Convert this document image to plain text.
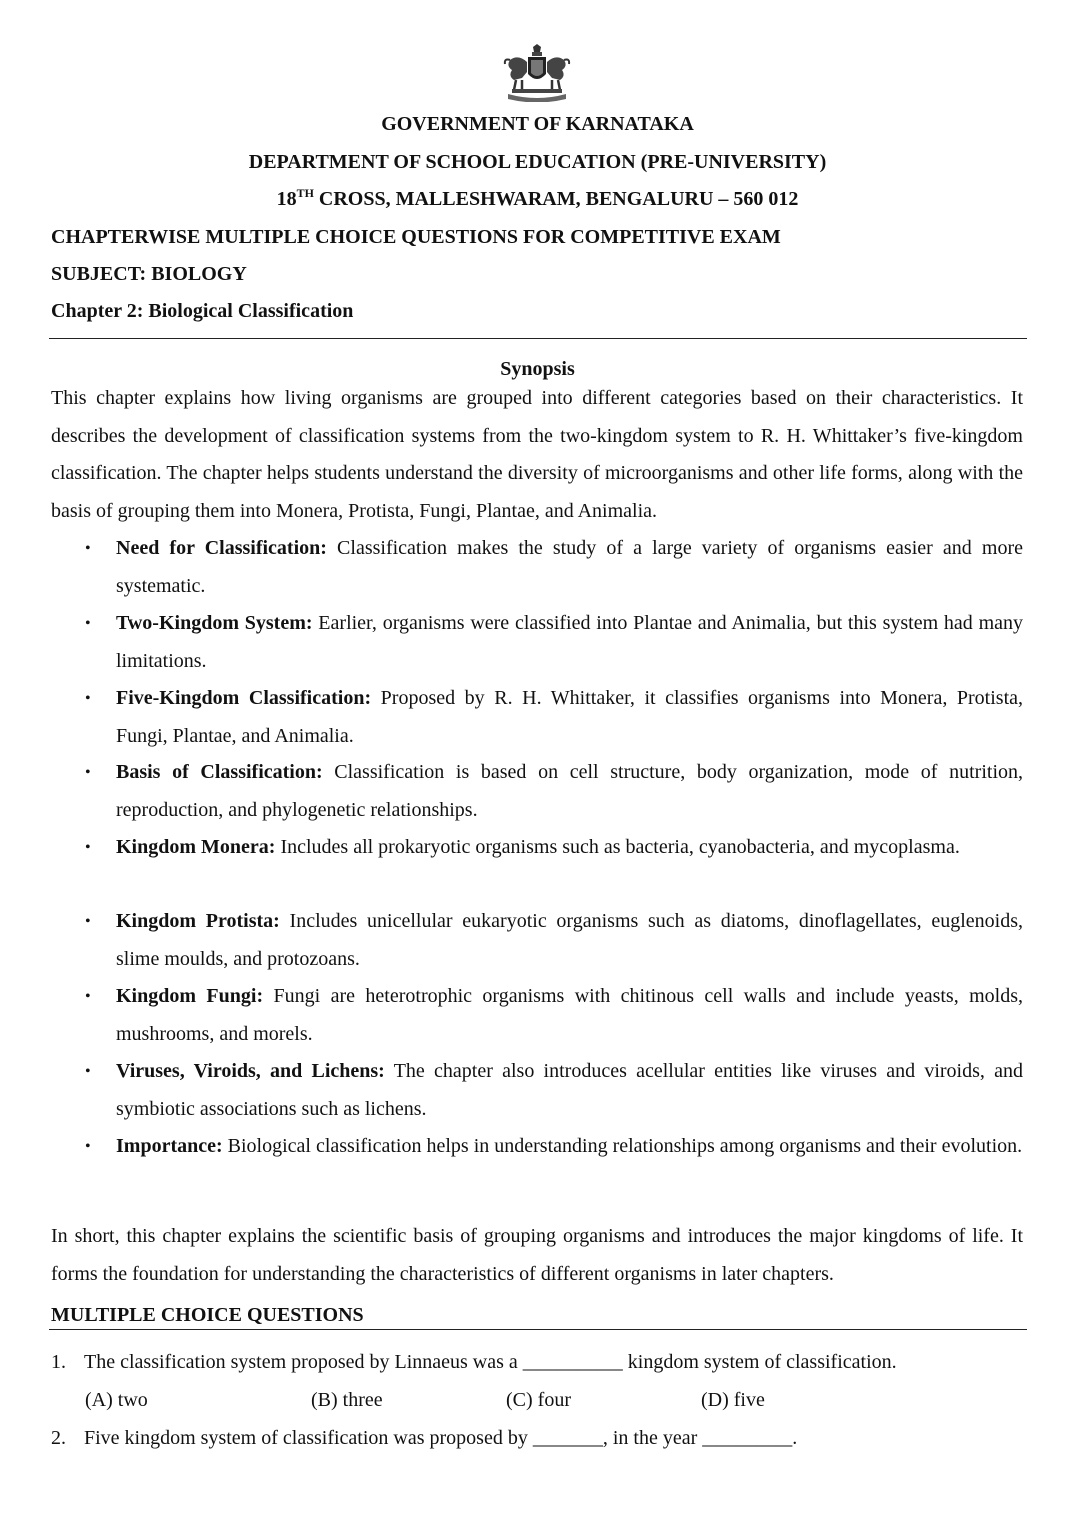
GOVERNMENT OF KARNATAKA
DEPARTMENT OF SCHOOL EDUCATION (PRE-UNIVERSITY)
18TH CROSS, MALLESHWARAM, BENGALURU – 560 012
CHAPTERWISE MULTIPLE CHOICE QUESTIONS FOR COMPETITIVE EXAM
SUBJECT: BIOLOGY
Chapter 2: Biological Classification
Synopsis

This chapter explains how living organisms are grouped into different categories based on their characteristics. It describes the development of classification systems from the two-kingdom system to R. H. Whittaker’s five-kingdom classification. The chapter helps students understand the diversity of microorganisms and other life forms, along with the basis of grouping them into Monera, Protista, Fungi, Plantae, and Animalia.

• Need for Classification: Classification makes the study of a large variety of organisms easier and more systematic.
• Two-Kingdom System: Earlier, organisms were classified into Plantae and Animalia, but this system had many limitations.
• Five-Kingdom Classification: Proposed by R. H. Whittaker, it classifies organisms into Monera, Protista, Fungi, Plantae, and Animalia.
• Basis of Classification: Classification is based on cell structure, body organization, mode of nutrition, reproduction, and phylogenetic relationships.
• Kingdom Monera: Includes all prokaryotic organisms such as bacteria, cyanobacteria, and mycoplasma.
• Kingdom Protista: Includes unicellular eukaryotic organisms such as diatoms, dinoflagellates, euglenoids, slime moulds, and protozoans.
• Kingdom Fungi: Fungi are heterotrophic organisms with chitinous cell walls and include yeasts, molds, mushrooms, and morels.
• Viruses, Viroids, and Lichens: The chapter also introduces acellular entities like viruses and viroids, and symbiotic associations such as lichens.
• Importance: Biological classification helps in understanding relationships among organisms and their evolution.

In short, this chapter explains the scientific basis of grouping organisms and introduces the major kingdoms of life. It forms the foundation for understanding the characteristics of different organisms in later chapters.

MULTIPLE CHOICE QUESTIONS
1. The classification system proposed by Linnaeus was a __________ kingdom system of classification.
(A) two	(B) three	(C) four	(D) five
2. Five kingdom system of classification was proposed by _______, in the year _________.
